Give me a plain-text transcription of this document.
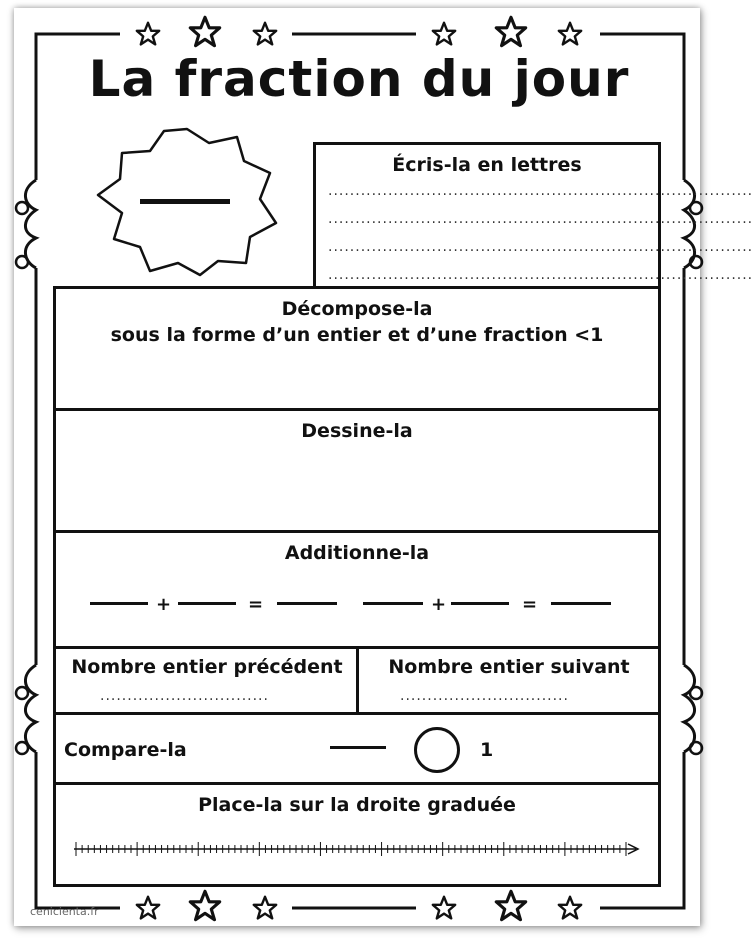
La fraction du jour
Écris-la en lettres
..............................................................................
..............................................................................
..............................................................................
..............................................................................
Décompose-la
sous la forme d’un entier et d’une fraction <1
Dessine-la
Additionne-la
+	=	+	=
Nombre entier précédent
...............................
Nombre entier suivant
...............................
Compare-la	1
Place-la sur la droite graduée
cenicienta.fr
